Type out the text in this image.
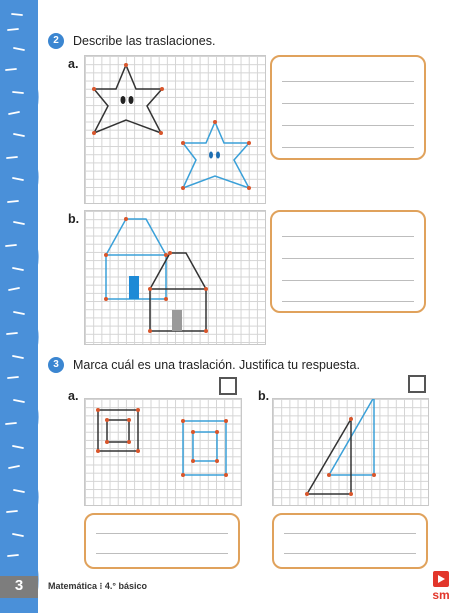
2	Describe las traslaciones.
a.
b.
3	Marca cuál es una traslación. Justifica tu respuesta.
a.	b.
3	Matemática ⁝ 4.° básico
sm
